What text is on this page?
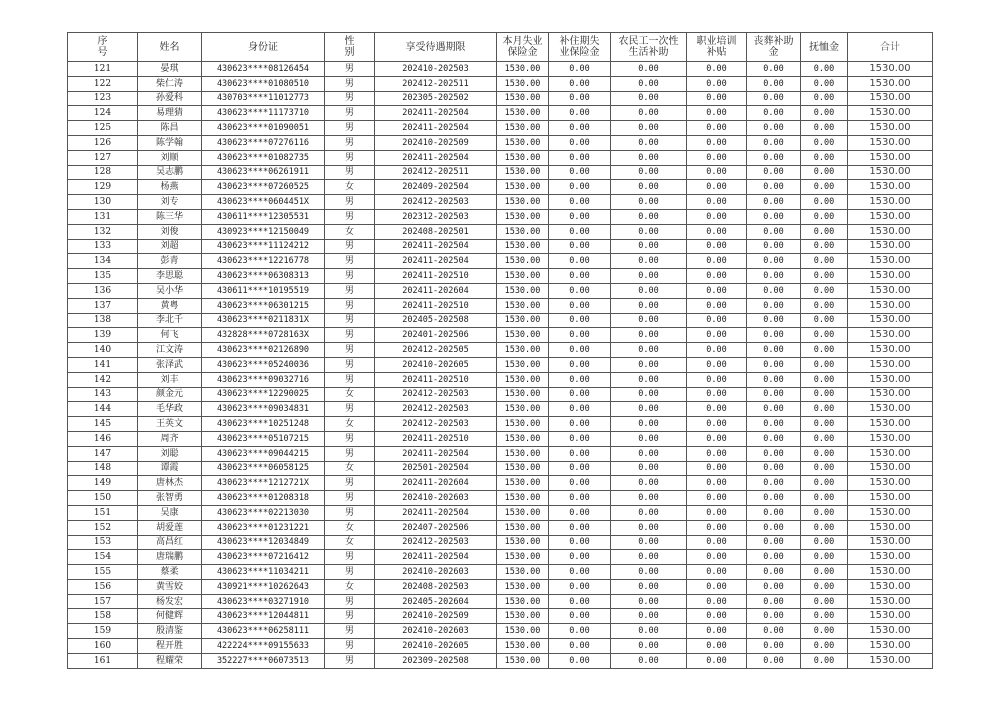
序号	姓名	身份证	性别	享受待遇期限	本月失业保险金	补住期失业保险金	农民工一次性生活补助	职业培训补贴	丧葬补助金	抚恤金	合计
121	晏琪	430623****08126454	男	202410-202503	1530.00	0.00	0.00	0.00	0.00	0.00	1530.00
122	柴仁涛	430623****01080510	男	202412-202511	1530.00	0.00	0.00	0.00	0.00	0.00	1530.00
123	孙爱科	430703****11012773	男	202305-202502	1530.00	0.00	0.00	0.00	0.00	0.00	1530.00
124	易理猜	430623****11173710	男	202411-202504	1530.00	0.00	0.00	0.00	0.00	0.00	1530.00
125	陈昌	430623****01090051	男	202411-202504	1530.00	0.00	0.00	0.00	0.00	0.00	1530.00
126	陈学翰	430623****07276116	男	202410-202509	1530.00	0.00	0.00	0.00	0.00	0.00	1530.00
127	刘顺	430623****01082735	男	202411-202504	1530.00	0.00	0.00	0.00	0.00	0.00	1530.00
128	吴志鹏	430623****06261911	男	202412-202511	1530.00	0.00	0.00	0.00	0.00	0.00	1530.00
129	杨燕	430623****07260525	女	202409-202504	1530.00	0.00	0.00	0.00	0.00	0.00	1530.00
130	刘专	430623****0604451X	男	202412-202503	1530.00	0.00	0.00	0.00	0.00	0.00	1530.00
131	陈三华	430611****12305531	男	202312-202503	1530.00	0.00	0.00	0.00	0.00	0.00	1530.00
132	刘俊	430923****12150049	女	202408-202501	1530.00	0.00	0.00	0.00	0.00	0.00	1530.00
133	刘超	430623****11124212	男	202411-202504	1530.00	0.00	0.00	0.00	0.00	0.00	1530.00
134	彭青	430623****12216778	男	202411-202504	1530.00	0.00	0.00	0.00	0.00	0.00	1530.00
135	李思聪	430623****06308313	男	202411-202510	1530.00	0.00	0.00	0.00	0.00	0.00	1530.00
136	吴小华	430611****10195519	男	202411-202604	1530.00	0.00	0.00	0.00	0.00	0.00	1530.00
137	黄粤	430623****06301215	男	202411-202510	1530.00	0.00	0.00	0.00	0.00	0.00	1530.00
138	李北千	430623****0211831X	男	202405-202508	1530.00	0.00	0.00	0.00	0.00	0.00	1530.00
139	何飞	432828****0728163X	男	202401-202506	1530.00	0.00	0.00	0.00	0.00	0.00	1530.00
140	江文涛	430623****02126890	男	202412-202505	1530.00	0.00	0.00	0.00	0.00	0.00	1530.00
141	张泽武	430623****05240036	男	202410-202605	1530.00	0.00	0.00	0.00	0.00	0.00	1530.00
142	刘丰	430623****09032716	男	202411-202510	1530.00	0.00	0.00	0.00	0.00	0.00	1530.00
143	颜金元	430623****12290025	女	202412-202503	1530.00	0.00	0.00	0.00	0.00	0.00	1530.00
144	毛华政	430623****09034831	男	202412-202503	1530.00	0.00	0.00	0.00	0.00	0.00	1530.00
145	王英文	430623****10251248	女	202412-202503	1530.00	0.00	0.00	0.00	0.00	0.00	1530.00
146	周齐	430623****05107215	男	202411-202510	1530.00	0.00	0.00	0.00	0.00	0.00	1530.00
147	刘聪	430623****09044215	男	202411-202504	1530.00	0.00	0.00	0.00	0.00	0.00	1530.00
148	谭霞	430623****06058125	女	202501-202504	1530.00	0.00	0.00	0.00	0.00	0.00	1530.00
149	唐林杰	430623****1212721X	男	202411-202604	1530.00	0.00	0.00	0.00	0.00	0.00	1530.00
150	张智勇	430623****01208318	男	202410-202603	1530.00	0.00	0.00	0.00	0.00	0.00	1530.00
151	吴康	430623****02213030	男	202411-202504	1530.00	0.00	0.00	0.00	0.00	0.00	1530.00
152	胡爱莲	430623****01231221	女	202407-202506	1530.00	0.00	0.00	0.00	0.00	0.00	1530.00
153	高昌红	430623****12034849	女	202412-202503	1530.00	0.00	0.00	0.00	0.00	0.00	1530.00
154	唐瑞鹏	430623****07216412	男	202411-202504	1530.00	0.00	0.00	0.00	0.00	0.00	1530.00
155	蔡柔	430623****11034211	男	202410-202603	1530.00	0.00	0.00	0.00	0.00	0.00	1530.00
156	黄雪姣	430921****10262643	女	202408-202503	1530.00	0.00	0.00	0.00	0.00	0.00	1530.00
157	杨发宏	430623****03271910	男	202405-202604	1530.00	0.00	0.00	0.00	0.00	0.00	1530.00
158	何健辉	430623****12044811	男	202410-202509	1530.00	0.00	0.00	0.00	0.00	0.00	1530.00
159	殷清鉴	430623****06258111	男	202410-202603	1530.00	0.00	0.00	0.00	0.00	0.00	1530.00
160	程开胜	422224****09155633	男	202410-202605	1530.00	0.00	0.00	0.00	0.00	0.00	1530.00
161	程耀荣	352227****06073513	男	202309-202508	1530.00	0.00	0.00	0.00	0.00	0.00	1530.00
